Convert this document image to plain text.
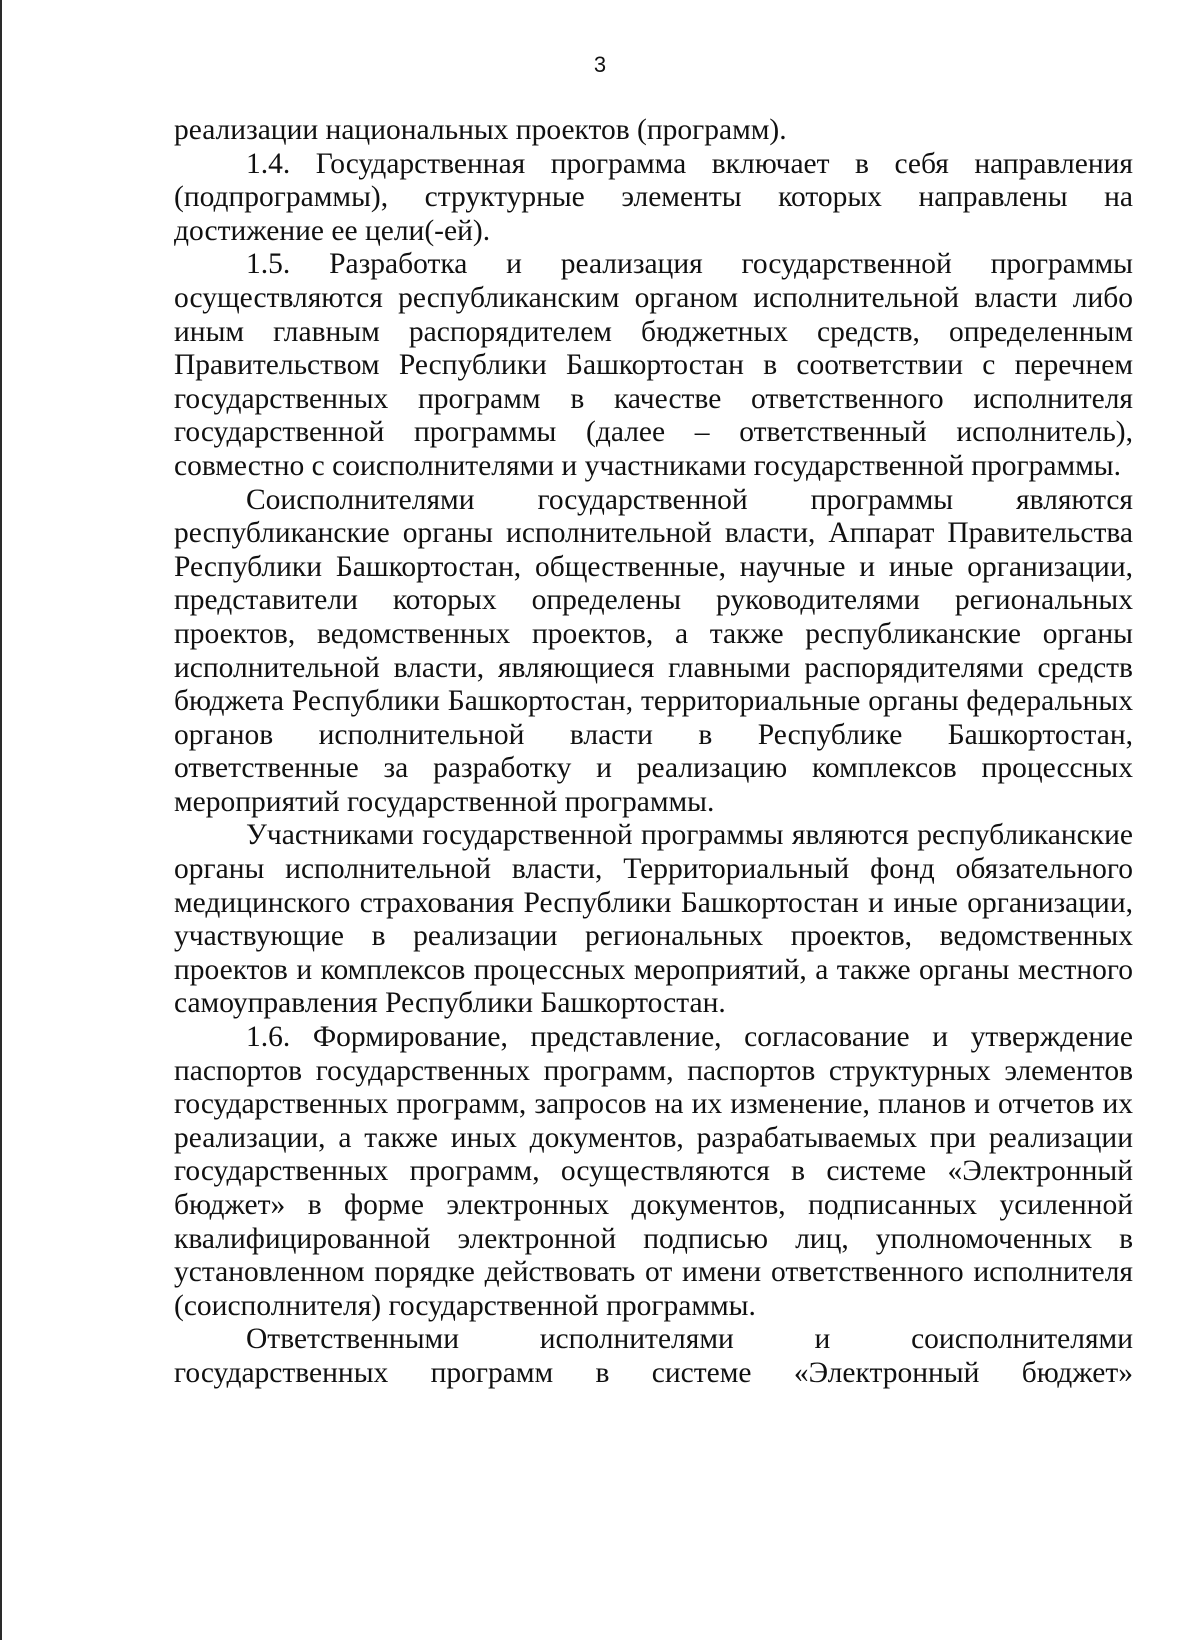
3

реализации национальных проектов (программ).

1.4. Государственная программа включает в себя направления (подпрограммы), структурные элементы которых направлены на достижение ее цели(-ей).

1.5. Разработка и реализация государственной программы осуществляются республиканским органом исполнительной власти либо иным главным распорядителем бюджетных средств, определенным Правительством Республики Башкортостан в соответствии с перечнем государственных программ в качестве ответственного исполнителя государственной программы (далее – ответственный исполнитель), совместно с соисполнителями и участниками государственной программы.

Соисполнителями государственной программы являются республиканские органы исполнительной власти, Аппарат Правительства Республики Башкортостан, общественные, научные и иные организации, представители которых определены руководителями региональных проектов, ведомственных проектов, а также республиканские органы исполнительной власти, являющиеся главными распорядителями средств бюджета Республики Башкортостан, территориальные органы федеральных органов исполнительной власти в Республике Башкортостан, ответственные за разработку и реализацию комплексов процессных мероприятий государственной программы.

Участниками государственной программы являются республиканские органы исполнительной власти, Территориальный фонд обязательного медицинского страхования Республики Башкортостан и иные организации, участвующие в реализации региональных проектов, ведомственных проектов и комплексов процессных мероприятий, а также органы местного самоуправления Республики Башкортостан.

1.6. Формирование, представление, согласование и утверждение паспортов государственных программ, паспортов структурных элементов государственных программ, запросов на их изменение, планов и отчетов их реализации, а также иных документов, разрабатываемых при реализации государственных программ, осуществляются в системе «Электронный бюджет» в форме электронных документов, подписанных усиленной квалифицированной электронной подписью лиц, уполномоченных в установленном порядке действовать от имени ответственного исполнителя (соисполнителя) государственной программы.

Ответственными исполнителями и соисполнителями государственных программ в системе «Электронный бюджет»
